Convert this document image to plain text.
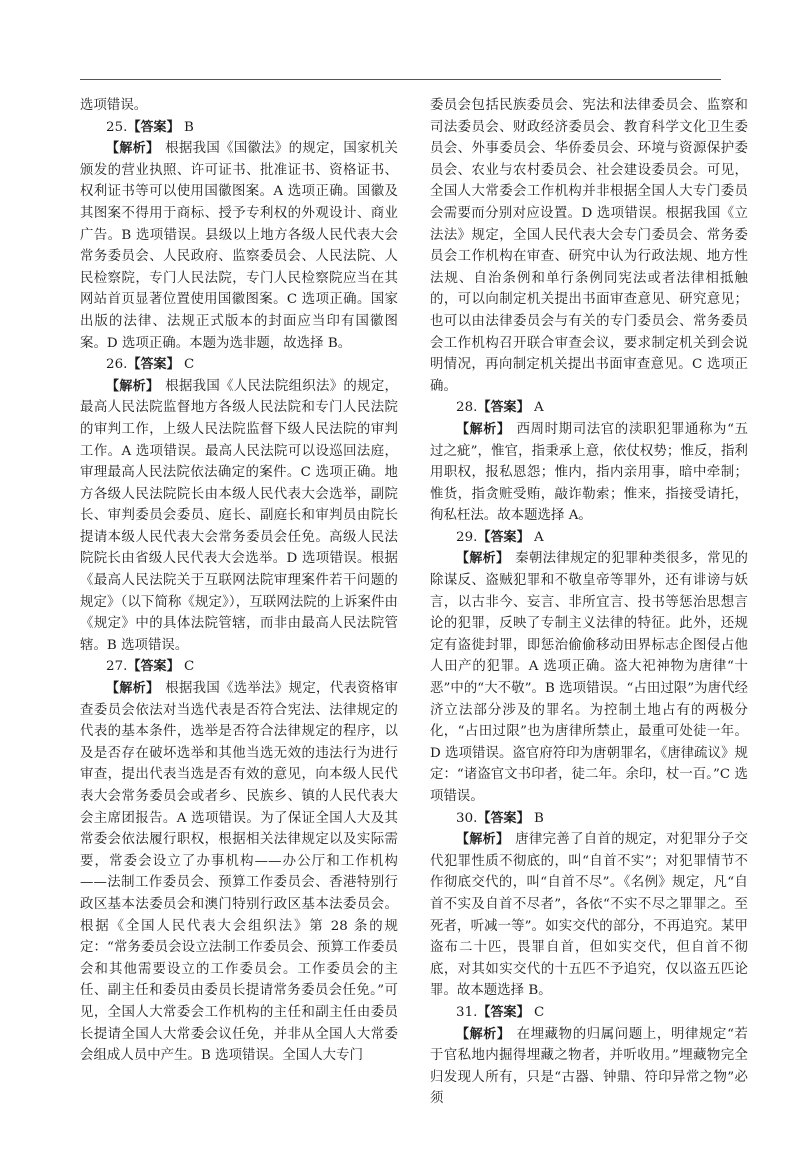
选项错误。

25.【答案】 B

【解析】 根据我国《国徽法》的规定，国家机关颁发的营业执照、许可证书、批准证书、资格证书、权利证书等可以使用国徽图案。A 选项正确。国徽及其图案不得用于商标、授予专利权的外观设计、商业广告。B 选项错误。县级以上地方各级人民代表大会常务委员会、人民政府、监察委员会、人民法院、人民检察院，专门人民法院，专门人民检察院应当在其网站首页显著位置使用国徽图案。C 选项正确。国家出版的法律、法规正式版本的封面应当印有国徽图案。D 选项正确。本题为选非题，故选择 B。

26.【答案】 C

【解析】 根据我国《人民法院组织法》的规定，最高人民法院监督地方各级人民法院和专门人民法院的审判工作，上级人民法院监督下级人民法院的审判工作。A 选项错误。最高人民法院可以设巡回法庭，审理最高人民法院依法确定的案件。C 选项正确。地方各级人民法院院长由本级人民代表大会选举，副院长、审判委员会委员、庭长、副庭长和审判员由院长提请本级人民代表大会常务委员会任免。高级人民法院院长由省级人民代表大会选举。D 选项错误。根据《最高人民法院关于互联网法院审理案件若干问题的规定》（以下简称《规定》），互联网法院的上诉案件由《规定》中的具体法院管辖，而非由最高人民法院管辖。B 选项错误。

27.【答案】 C

【解析】 根据我国《选举法》规定，代表资格审查委员会依法对当选代表是否符合宪法、法律规定的代表的基本条件，选举是否符合法律规定的程序，以及是否存在破坏选举和其他当选无效的违法行为进行审查，提出代表当选是否有效的意见，向本级人民代表大会常务委员会或者乡、民族乡、镇的人民代表大会主席团报告。A 选项错误。为了保证全国人大及其常委会依法履行职权，根据相关法律规定以及实际需要，常委会设立了办事机构——办公厅和工作机构——法制工作委员会、预算工作委员会、香港特别行政区基本法委员会和澳门特别行政区基本法委员会。根据《全国人民代表大会组织法》第 28 条的规定：“常务委员会设立法制工作委员会、预算工作委员会和其他需要设立的工作委员会。工作委员会的主任、副主任和委员由委员长提请常务委员会任免。”可见，全国人大常委会工作机构的主任和副主任由委员长提请全国人大常委会议任免，并非从全国人大常委会组成人员中产生。B 选项错误。全国人大专门

委员会包括民族委员会、宪法和法律委员会、监察和司法委员会、财政经济委员会、教育科学文化卫生委员会、外事委员会、华侨委员会、环境与资源保护委员会、农业与农村委员会、社会建设委员会。可见，全国人大常委会工作机构并非根据全国人大专门委员会需要而分别对应设置。D 选项错误。根据我国《立法法》规定，全国人民代表大会专门委员会、常务委员会工作机构在审查、研究中认为行政法规、地方性法规、自治条例和单行条例同宪法或者法律相抵触的，可以向制定机关提出书面审查意见、研究意见；也可以由法律委员会与有关的专门委员会、常务委员会工作机构召开联合审查会议，要求制定机关到会说明情况，再向制定机关提出书面审查意见。C 选项正确。

28.【答案】 A

【解析】 西周时期司法官的渎职犯罪通称为“五过之疵”，惟官，指秉承上意，依仗权势；惟反，指利用职权，报私恩怨；惟内，指内亲用事，暗中牵制；惟货，指贪赃受贿，敲诈勒索；惟来，指接受请托，徇私枉法。故本题选择 A。

29.【答案】 A

【解析】 秦朝法律规定的犯罪种类很多，常见的除谋反、盗贼犯罪和不敬皇帝等罪外，还有诽谤与妖言，以古非今、妄言、非所宜言、投书等惩治思想言论的犯罪，反映了专制主义法律的特征。此外，还规定有盗徙封罪，即惩治偷偷移动田界标志企图侵占他人田产的犯罪。A 选项正确。盗大祀神物为唐律“十恶”中的“大不敬”。B 选项错误。“占田过限”为唐代经济立法部分涉及的罪名。为控制土地占有的两极分化，“占田过限”也为唐律所禁止，最重可处徒一年。D 选项错误。盗官府符印为唐朝罪名，《唐律疏议》规定：“诸盗官文书印者，徒二年。余印，杖一百。”C 选项错误。

30.【答案】 B

【解析】 唐律完善了自首的规定，对犯罪分子交代犯罪性质不彻底的，叫“自首不实”；对犯罪情节不作彻底交代的，叫“自首不尽”。《名例》规定，凡“自首不实及自首不尽者”，各依“不实不尽之罪罪之。至死者，听减一等”。如实交代的部分，不再追究。某甲盗布二十匹，畏罪自首，但如实交代，但自首不彻底，对其如实交代的十五匹不予追究，仅以盗五匹论罪。故本题选择 B。

31.【答案】 C

【解析】 在埋藏物的归属问题上，明律规定“若于官私地内掘得埋藏之物者，并听收用。”埋藏物完全归发现人所有，只是“古器、钟鼎、符印异常之物”必须
